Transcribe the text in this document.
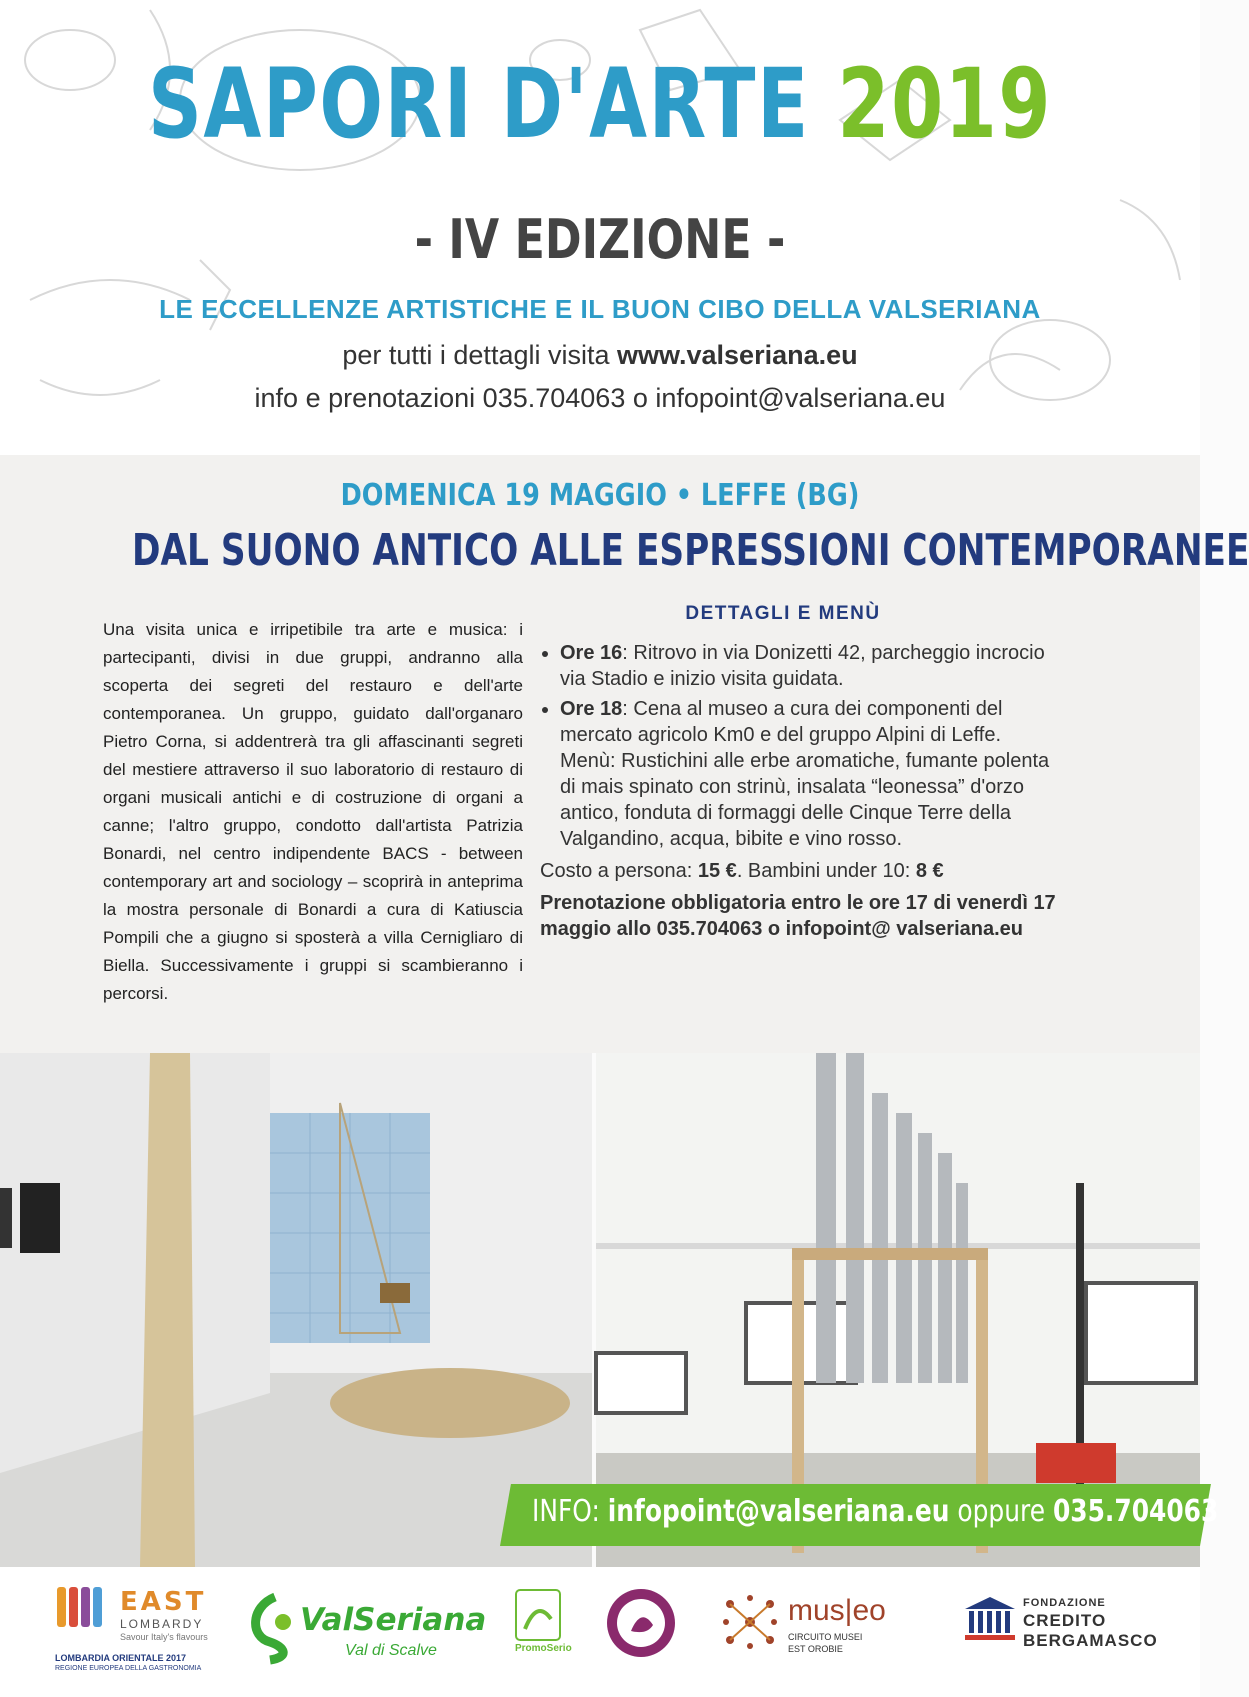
SAPORI D'ARTE 2019
- IV EDIZIONE -
LE ECCELLENZE ARTISTICHE E IL BUON CIBO DELLA VALSERIANA
per tutti i dettagli visita www.valseriana.eu
info e prenotazioni 035.704063 o infopoint@valseriana.eu
DOMENICA 19 MAGGIO • LEFFE (BG)
DAL SUONO ANTICO ALLE ESPRESSIONI CONTEMPORANEE
Una visita unica e irripetibile tra arte e musica: i partecipanti, divisi in due gruppi, andranno alla scoperta dei segreti del restauro e dell'arte contemporanea. Un gruppo, guidato dall'organaro Pietro Corna, si addentrerà tra gli affascinanti segreti del mestiere attraverso il suo laboratorio di restauro di organi musicali antichi e di costruzione di organi a canne; l'altro gruppo, condotto dall'artista Patrizia Bonardi, nel centro indipendente BACS - between contemporary art and sociology – scoprirà in anteprima la mostra personale di Bonardi a cura di Katiuscia Pompili che a giugno si sposterà a villa Cernigliaro di Biella. Successivamente i gruppi si scambieranno i percorsi.
DETTAGLI E MENÙ
• Ore 16: Ritrovo in via Donizetti 42, parcheggio incrocio via Stadio e inizio visita guidata.
• Ore 18: Cena al museo a cura dei componenti del mercato agricolo Km0 e del gruppo Alpini di Leffe. Menù: Rustichini alle erbe aromatiche, fumante polenta di mais spinato con strinù, insalata “leonessa” d'orzo antico, fonduta di formaggi delle Cinque Terre della Valgandino, acqua, bibite e vino rosso.
Costo a persona: 15 €. Bambini under 10: 8 €
Prenotazione obbligatoria entro le ore 17 di venerdì 17 maggio allo 035.704063 o infopoint@ valseriana.eu
INFO: infopoint@valseriana.eu oppure 035.704063
EAST
LOMBARDY
Savour Italy's flavours
LOMBARDIA ORIENTALE 2017
REGIONE EUROPEA DELLA GASTRONOMIA
ValSeriana
Val di Scalve	PromoSerio
mus|eo
CIRCUITO MUSEI
EST OROBIE
FONDAZIONE
CREDITO
BERGAMASCO
